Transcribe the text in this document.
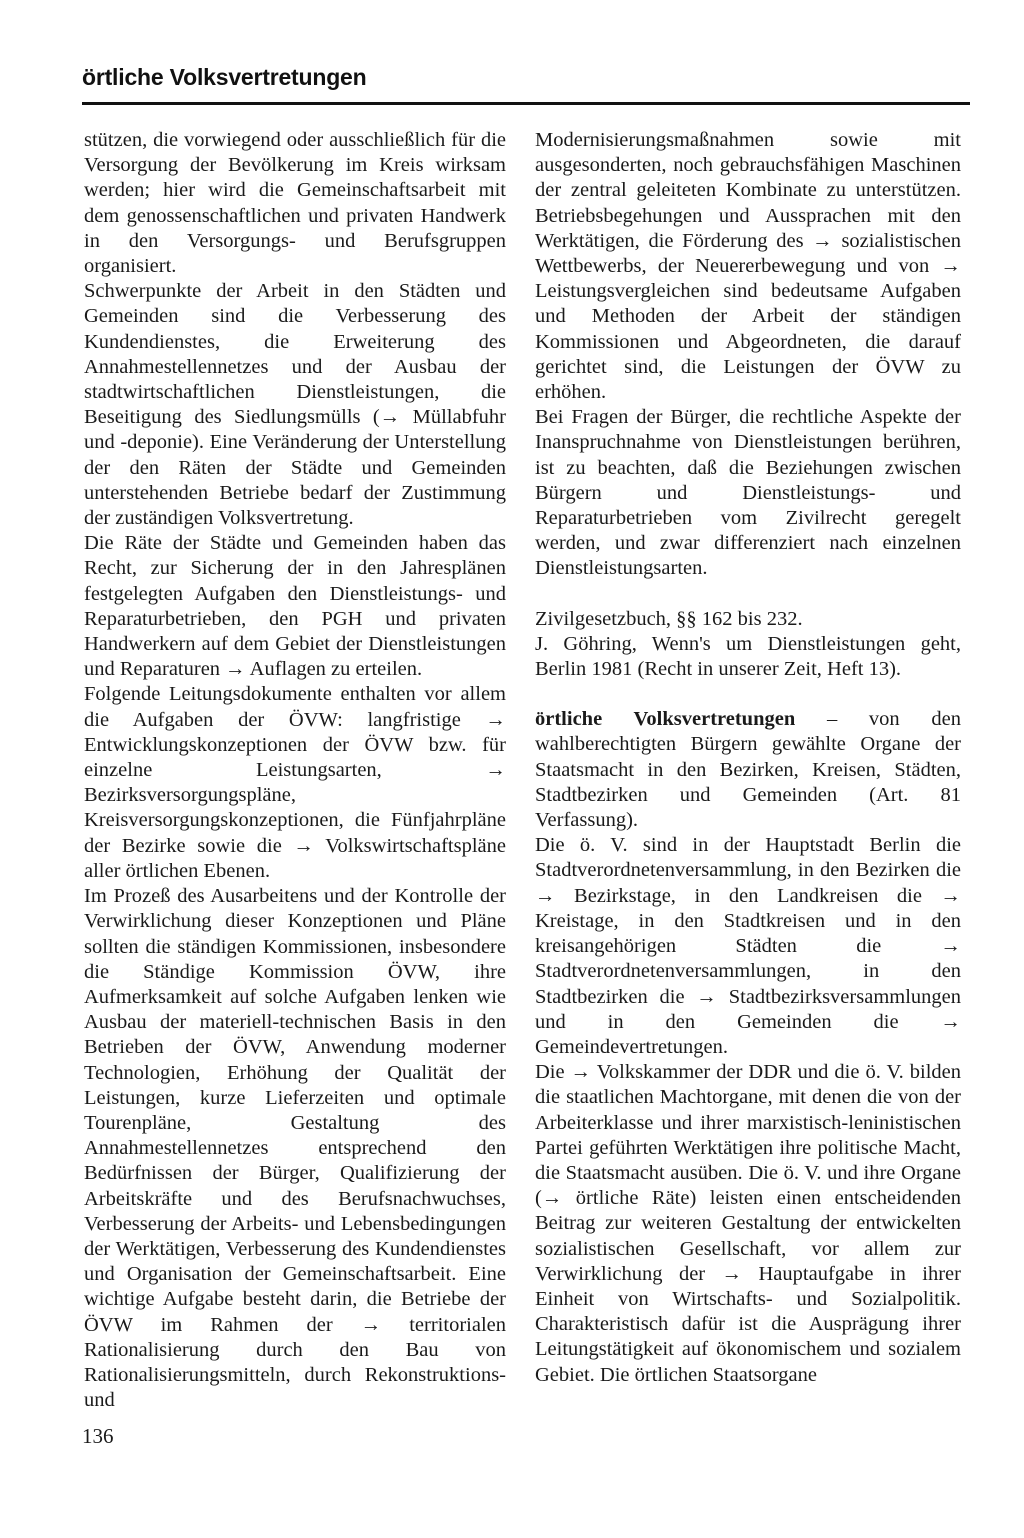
örtliche Volksvertretungen

stützen, die vorwiegend oder ausschließlich für die Versorgung der Bevölkerung im Kreis wirksam werden; hier wird die Gemeinschaftsarbeit mit dem genossenschaftlichen und privaten Handwerk in den Versorgungs- und Berufsgruppen organisiert.

Schwerpunkte der Arbeit in den Städten und Gemeinden sind die Verbesserung des Kundendienstes, die Erweiterung des Annahmestellennetzes und der Ausbau der stadtwirtschaftlichen Dienstleistungen, die Beseitigung des Siedlungsmülls (→ Müllabfuhr und -deponie). Eine Veränderung der Unterstellung der den Räten der Städte und Gemeinden unterstehenden Betriebe bedarf der Zustimmung der zuständigen Volksvertretung.

Die Räte der Städte und Gemeinden haben das Recht, zur Sicherung der in den Jahresplänen festgelegten Aufgaben den Dienstleistungs- und Reparaturbetrieben, den PGH und privaten Handwerkern auf dem Gebiet der Dienstleistungen und Reparaturen → Auflagen zu erteilen.

Folgende Leitungsdokumente enthalten vor allem die Aufgaben der ÖVW: langfristige → Entwicklungskonzeptionen der ÖVW bzw. für einzelne Leistungsarten, → Bezirksversorgungspläne, Kreisversorgungskonzeptionen, die Fünfjahrpläne der Bezirke sowie die → Volkswirtschaftspläne aller örtlichen Ebenen.

Im Prozeß des Ausarbeitens und der Kontrolle der Verwirklichung dieser Konzeptionen und Pläne sollten die ständigen Kommissionen, insbesondere die Ständige Kommission ÖVW, ihre Aufmerksamkeit auf solche Aufgaben lenken wie Ausbau der materiell-technischen Basis in den Betrieben der ÖVW, Anwendung moderner Technologien, Erhöhung der Qualität der Leistungen, kurze Lieferzeiten und optimale Tourenpläne, Gestaltung des Annahmestellennetzes entsprechend den Bedürfnissen der Bürger, Qualifizierung der Arbeitskräfte und des Berufsnachwuchses, Verbesserung der Arbeits- und Lebensbedingungen der Werktätigen, Verbesserung des Kundendienstes und Organisation der Gemeinschaftsarbeit. Eine wichtige Aufgabe besteht darin, die Betriebe der ÖVW im Rahmen der → territorialen Rationalisierung durch den Bau von Rationalisierungsmitteln, durch Rekonstruktions- und

Modernisierungsmaßnahmen sowie mit ausgesonderten, noch gebrauchsfähigen Maschinen der zentral geleiteten Kombinate zu unterstützen. Betriebsbegehungen und Aussprachen mit den Werktätigen, die Förderung des → sozialistischen Wettbewerbs, der Neuererbewegung und von → Leistungsvergleichen sind bedeutsame Aufgaben und Methoden der Arbeit der ständigen Kommissionen und Abgeordneten, die darauf gerichtet sind, die Leistungen der ÖVW zu erhöhen.

Bei Fragen der Bürger, die rechtliche Aspekte der Inanspruchnahme von Dienstleistungen berühren, ist zu beachten, daß die Beziehungen zwischen Bürgern und Dienstleistungs- und Reparaturbetrieben vom Zivilrecht geregelt werden, und zwar differenziert nach einzelnen Dienstleistungsarten.

Zivilgesetzbuch, §§ 162 bis 232.

J. Göhring, Wenn's um Dienstleistungen geht, Berlin 1981 (Recht in unserer Zeit, Heft 13).

örtliche Volksvertretungen – von den wahlberechtigten Bürgern gewählte Organe der Staatsmacht in den Bezirken, Kreisen, Städten, Stadtbezirken und Gemeinden (Art. 81 Verfassung).

Die ö. V. sind in der Hauptstadt Berlin die Stadtverordnetenversammlung, in den Bezirken die → Bezirkstage, in den Landkreisen die → Kreistage, in den Stadtkreisen und in den kreisangehörigen Städten die → Stadtverordnetenversammlungen, in den Stadtbezirken die → Stadtbezirksversammlungen und in den Gemeinden die → Gemeindevertretungen.

Die → Volkskammer der DDR und die ö. V. bilden die staatlichen Machtorgane, mit denen die von der Arbeiterklasse und ihrer marxistisch-leninistischen Partei geführten Werktätigen ihre politische Macht, die Staatsmacht ausüben. Die ö. V. und ihre Organe (→ örtliche Räte) leisten einen entscheidenden Beitrag zur weiteren Gestaltung der entwickelten sozialistischen Gesellschaft, vor allem zur Verwirklichung der → Hauptaufgabe in ihrer Einheit von Wirtschafts- und Sozialpolitik. Charakteristisch dafür ist die Ausprägung ihrer Leitungstätigkeit auf ökonomischem und sozialem Gebiet. Die örtlichen Staatsorgane

136
